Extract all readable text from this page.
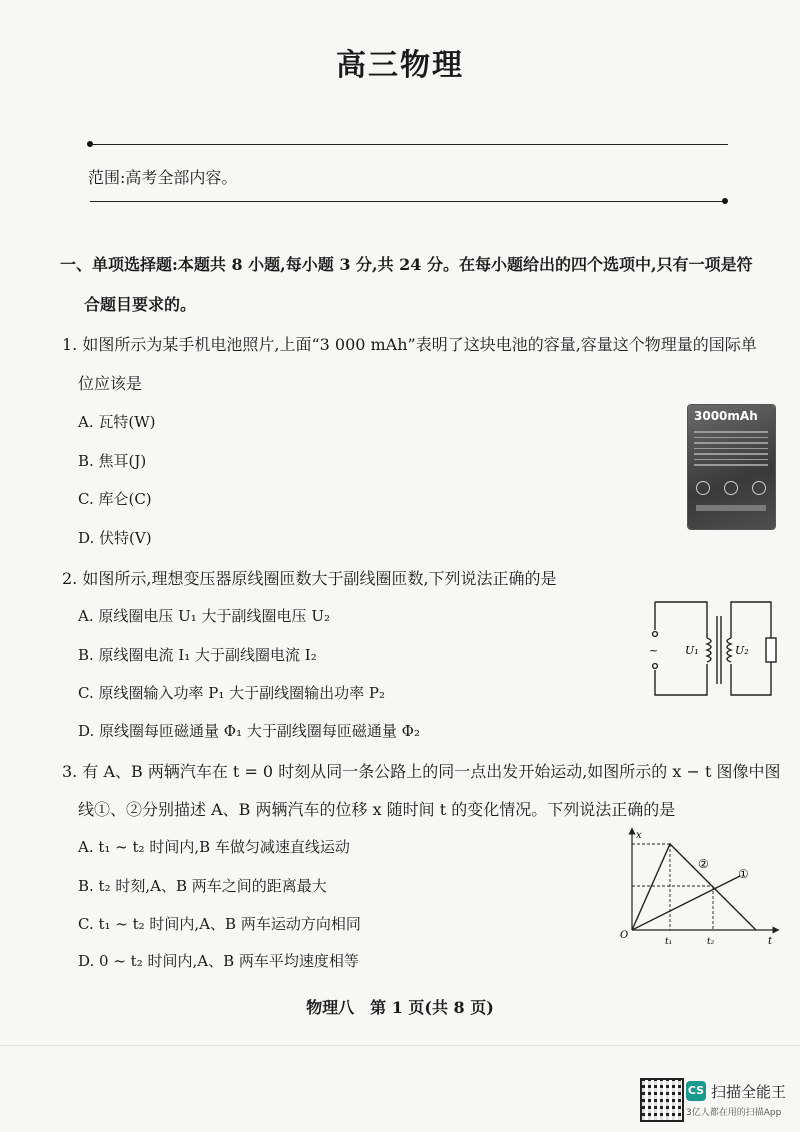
高三物理
范围:高考全部内容。
一、单项选择题:本题共 8 小题,每小题 3 分,共 24 分。在每小题给出的四个选项中,只有一项是符
合题目要求的。
1. 如图所示为某手机电池照片,上面“3 000 mAh”表明了这块电池的容量,容量这个物理量的国际单
位应该是
A. 瓦特(W)
B. 焦耳(J)
C. 库仑(C)
D. 伏特(V)
3000mAh
2. 如图所示,理想变压器原线圈匝数大于副线圈匝数,下列说法正确的是
A. 原线圈电压 U₁ 大于副线圈电压 U₂
B. 原线圈电流 I₁ 大于副线圈电流 I₂
C. 原线圈输入功率 P₁ 大于副线圈输出功率 P₂
D. 原线圈每匝磁通量 Φ₁ 大于副线圈每匝磁通量 Φ₂
~ U₁	U₂
3. 有 A、B 两辆汽车在 t = 0 时刻从同一条公路上的同一点出发开始运动,如图所示的 x − t 图像中图
线①、②分别描述 A、B 两辆汽车的位移 x 随时间 t 的变化情况。下列说法正确的是
A. t₁ ~ t₂ 时间内,B 车做匀减速直线运动
B. t₂ 时刻,A、B 两车之间的距离最大
C. t₁ ~ t₂ 时间内,A、B 两车运动方向相同
D. 0 ~ t₂ 时间内,A、B 两车平均速度相等
x
t
O
t₁	t₂
②
①
物理八　第 1 页(共 8 页)
CS 扫描全能王
3亿人都在用的扫描App
